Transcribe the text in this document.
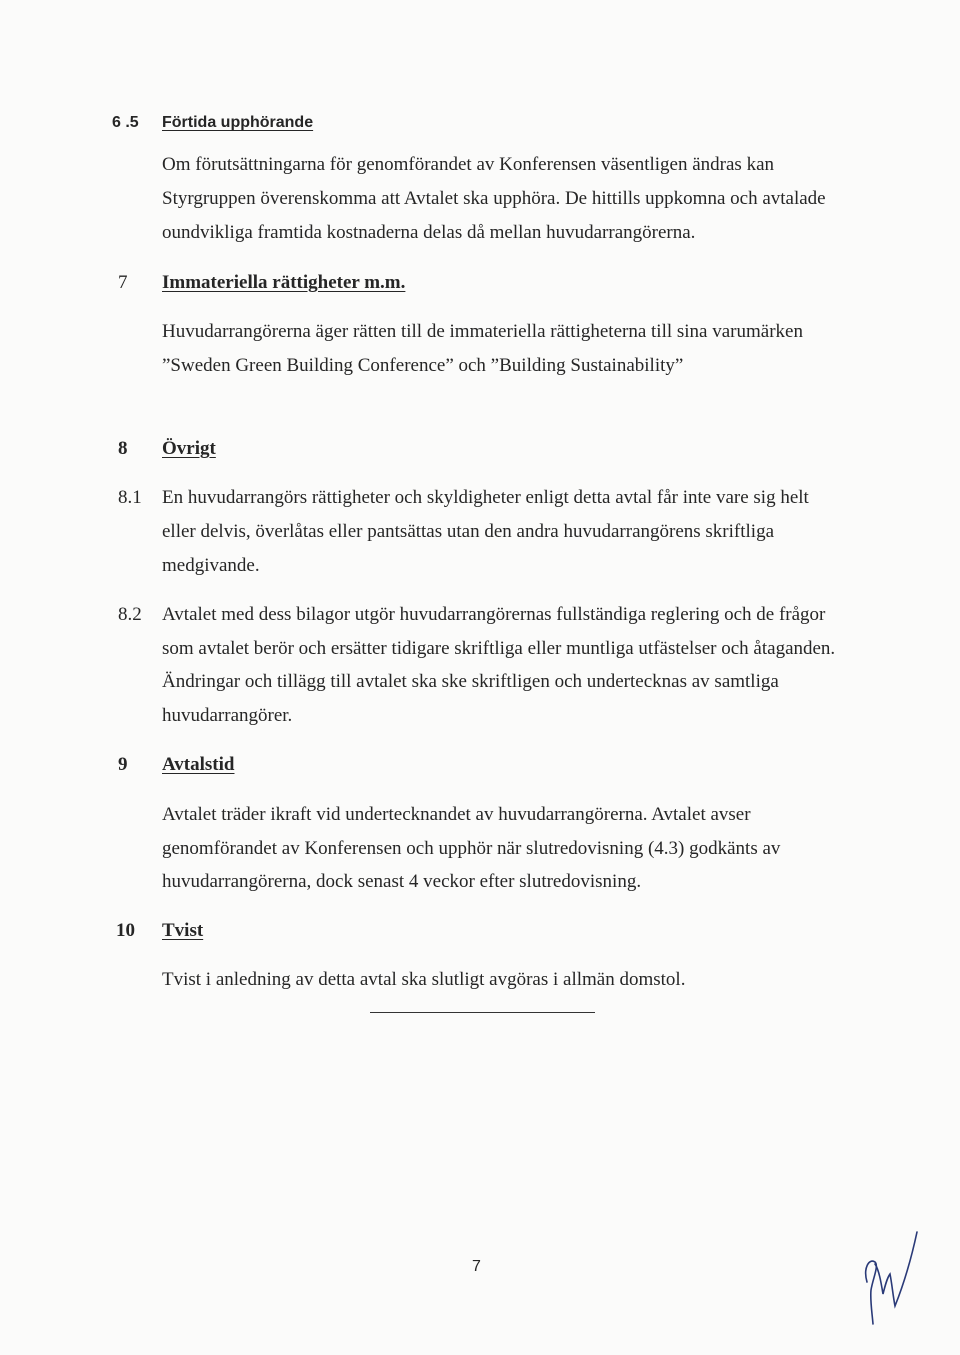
6 .5 Förtida upphörande
Om förutsättningarna för genomförandet av Konferensen väsentligen ändras kan
Styrgruppen överenskomma att Avtalet ska upphöra. De hittills uppkomna och avtalade
oundvikliga framtida kostnaderna delas då mellan huvudarrangörerna.
7 Immateriella rättigheter m.m.
Huvudarrangörerna äger rätten till de immateriella rättigheterna till sina varumärken
”Sweden Green Building Conference” och ”Building Sustainability”
8 Övrigt
8.1 En huvudarrangörs rättigheter och skyldigheter enligt detta avtal får inte vare sig helt
eller delvis, överlåtas eller pantsättas utan den andra huvudarrangörens skriftliga
medgivande.
8.2 Avtalet med dess bilagor utgör huvudarrangörernas fullständiga reglering och de frågor
som avtalet berör och ersätter tidigare skriftliga eller muntliga utfästelser och åtaganden.
Ändringar och tillägg till avtalet ska ske skriftligen och undertecknas av samtliga
huvudarrangörer.
9 Avtalstid
Avtalet träder ikraft vid undertecknandet av huvudarrangörerna. Avtalet avser
genomförandet av Konferensen och upphör när slutredovisning (4.3) godkänts av
huvudarrangörerna, dock senast 4 veckor efter slutredovisning.
10 Tvist
Tvist i anledning av detta avtal ska slutligt avgöras i allmän domstol.
7
